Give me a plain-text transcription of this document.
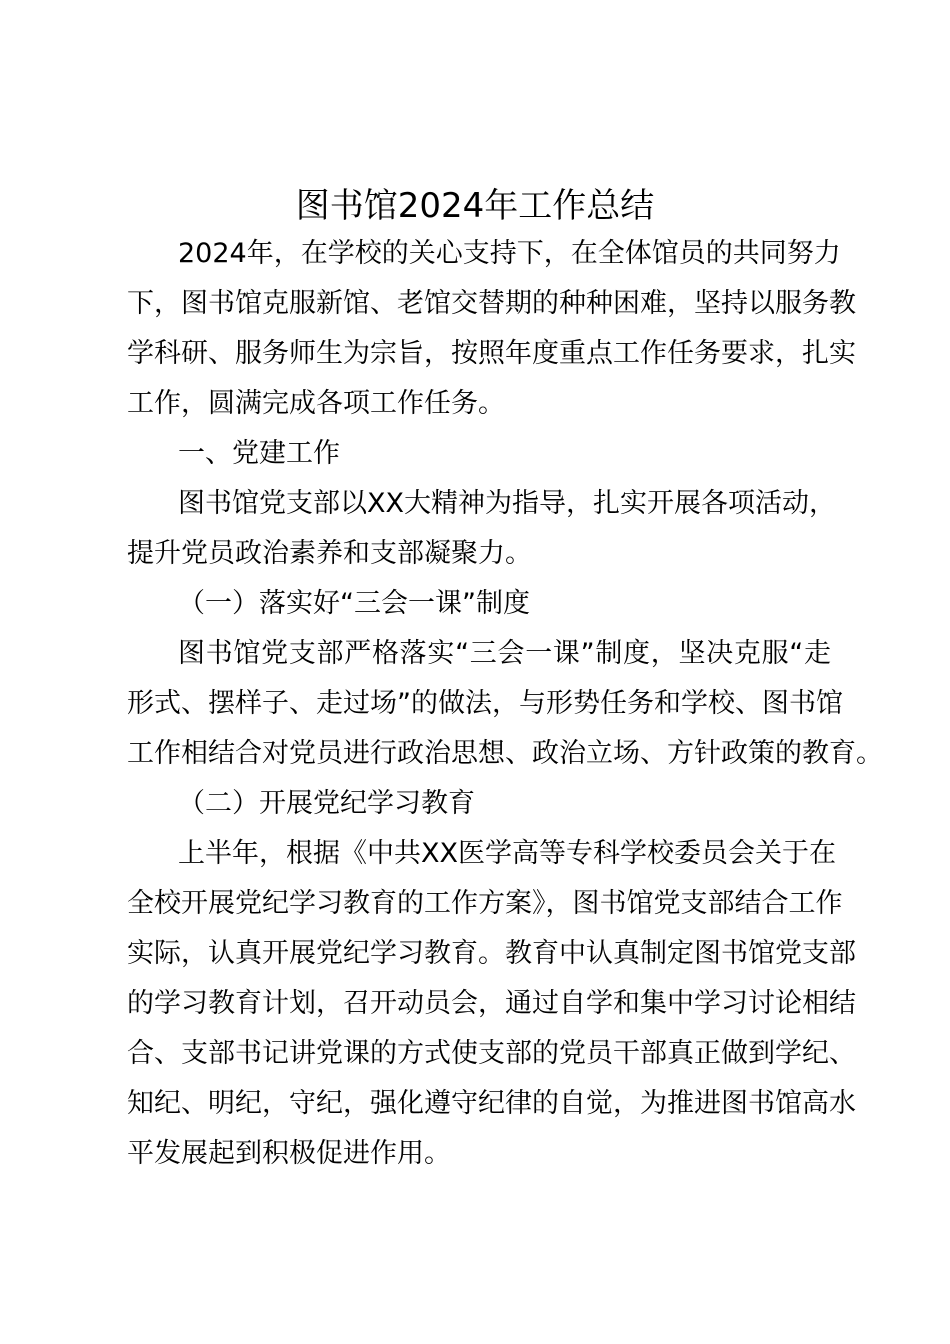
图书馆2024年工作总结
2024年，在学校的关心支持下，在全体馆员的共同努力
下，图书馆克服新馆、老馆交替期的种种困难，坚持以服务教
学科研、服务师生为宗旨，按照年度重点工作任务要求，扎实
工作，圆满完成各项工作任务。
一、党建工作
图书馆党支部以XX大精神为指导，扎实开展各项活动，
提升党员政治素养和支部凝聚力。
（一）落实好“三会一课”制度
图书馆党支部严格落实“三会一课”制度，坚决克服“走
形式、摆样子、走过场”的做法，与形势任务和学校、图书馆
工作相结合对党员进行政治思想、政治立场、方针政策的教育。
（二）开展党纪学习教育
上半年，根据《中共XX医学高等专科学校委员会关于在
全校开展党纪学习教育的工作方案》，图书馆党支部结合工作
实际，认真开展党纪学习教育。教育中认真制定图书馆党支部
的学习教育计划，召开动员会，通过自学和集中学习讨论相结
合、支部书记讲党课的方式使支部的党员干部真正做到学纪、
知纪、明纪，守纪，强化遵守纪律的自觉，为推进图书馆高水
平发展起到积极促进作用。
